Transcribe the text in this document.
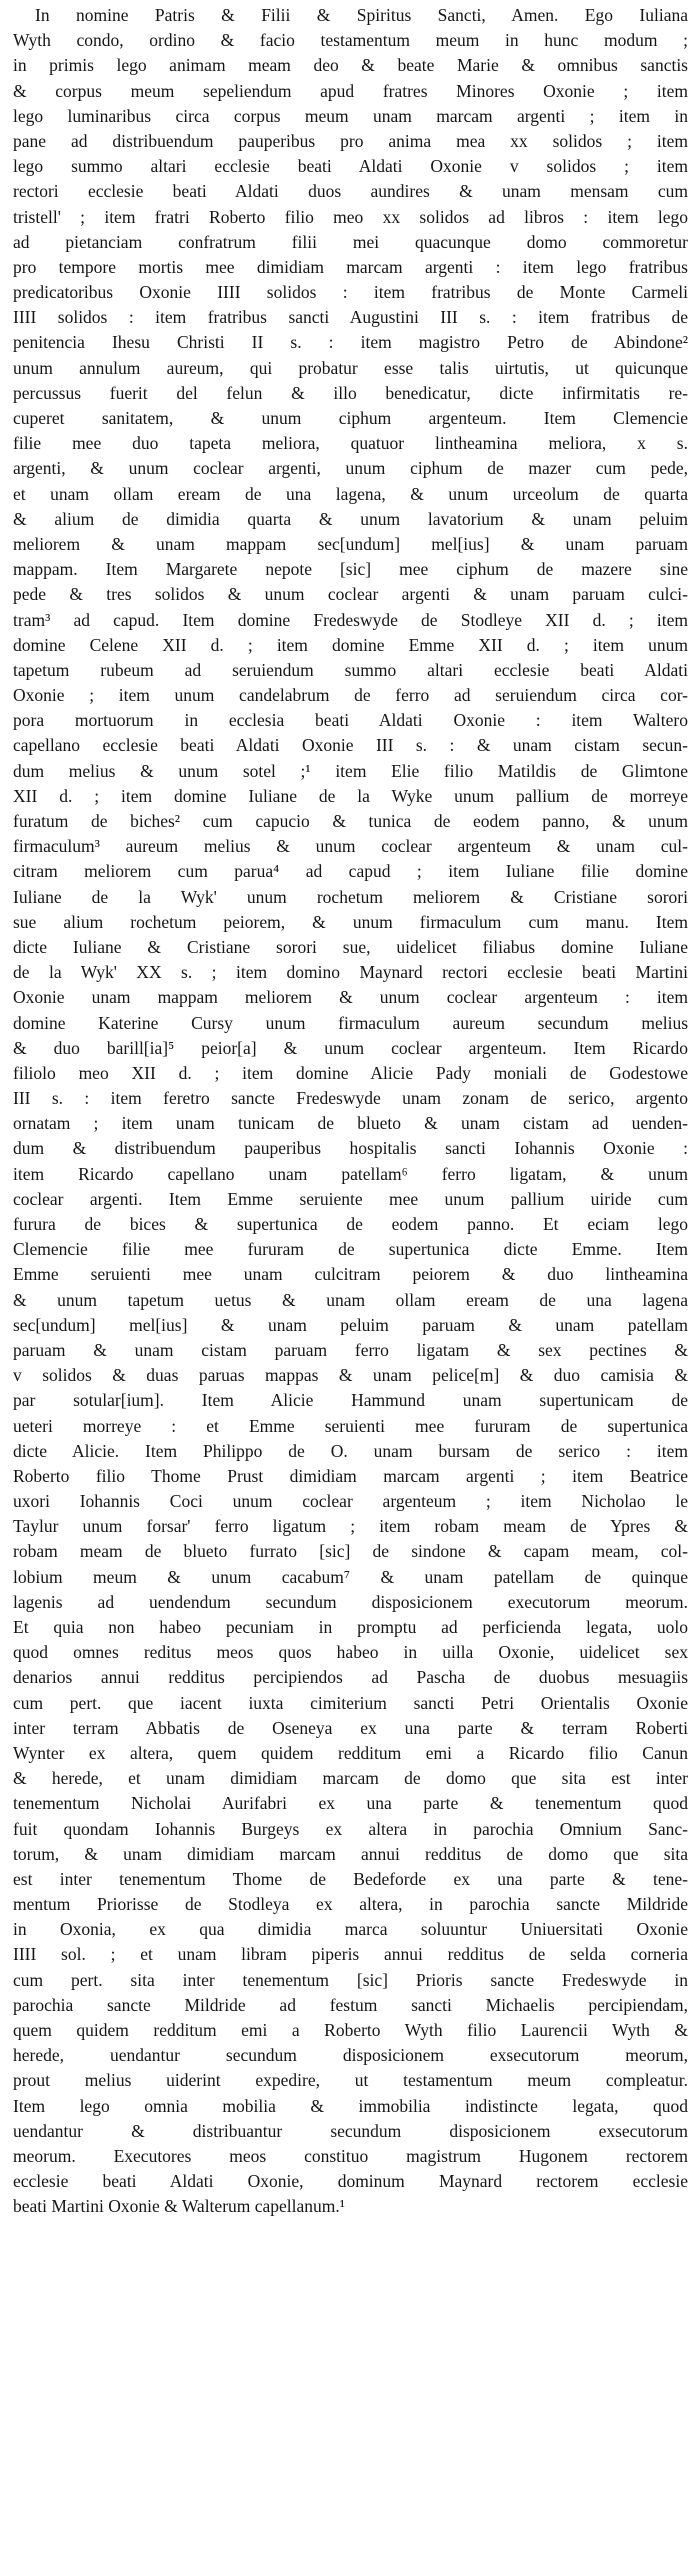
In nomine Patris & Filii & Spiritus Sancti, Amen. Ego Iuliana
Wyth condo, ordino & facio testamentum meum in hunc modum ;
in primis lego animam meam deo & beate Marie & omnibus sanctis
& corpus meum sepeliendum apud fratres Minores Oxonie ; item
lego luminaribus circa corpus meum unam marcam argenti ; item in
pane ad distribuendum pauperibus pro anima mea xx solidos ; item
lego summo altari ecclesie beati Aldati Oxonie v solidos ; item
rectori ecclesie beati Aldati duos aundires & unam mensam cum
tristell' ; item fratri Roberto filio meo xx solidos ad libros : item lego
ad pietanciam confratrum filii mei quacunque domo commoretur
pro tempore mortis mee dimidiam marcam argenti : item lego fratribus
predicatoribus Oxonie IIII solidos : item fratribus de Monte Carmeli
IIII solidos : item fratribus sancti Augustini III s. : item fratribus de
penitencia Ihesu Christi II s. : item magistro Petro de Abindone²
unum annulum aureum, qui probatur esse talis uirtutis, ut quicunque
percussus fuerit del felun & illo benedicatur, dicte infirmitatis re-
cuperet sanitatem, & unum ciphum argenteum. Item Clemencie
filie mee duo tapeta meliora, quatuor lintheamina meliora, x s.
argenti, & unum coclear argenti, unum ciphum de mazer cum pede,
et unam ollam eream de una lagena, & unum urceolum de quarta
& alium de dimidia quarta & unum lavatorium & unam peluim
meliorem & unam mappam sec[undum] mel[ius] & unam paruam
mappam. Item Margarete nepote [sic] mee ciphum de mazere sine
pede & tres solidos & unum coclear argenti & unam paruam culci-
tram³ ad capud. Item domine Fredeswyde de Stodleye XII d. ; item
domine Celene XII d. ; item domine Emme XII d. ; item unum
tapetum rubeum ad seruiendum summo altari ecclesie beati Aldati
Oxonie ; item unum candelabrum de ferro ad seruiendum circa cor-
pora mortuorum in ecclesia beati Aldati Oxonie : item Waltero
capellano ecclesie beati Aldati Oxonie III s. : & unam cistam secun-
dum melius & unum sotel ;¹ item Elie filio Matildis de Glimtone
XII d. ; item domine Iuliane de la Wyke unum pallium de morreye
furatum de biches² cum capucio & tunica de eodem panno, & unum
firmaculum³ aureum melius & unum coclear argenteum & unam cul-
citram meliorem cum parua⁴ ad capud ; item Iuliane filie domine
Iuliane de la Wyk' unum rochetum meliorem & Cristiane sorori
sue alium rochetum peiorem, & unum firmaculum cum manu. Item
dicte Iuliane & Cristiane sorori sue, uidelicet filiabus domine Iuliane
de la Wyk' XX s. ; item domino Maynard rectori ecclesie beati Martini
Oxonie unam mappam meliorem & unum coclear argenteum : item
domine Katerine Cursy unum firmaculum aureum secundum melius
& duo barill[ia]⁵ peior[a] & unum coclear argenteum. Item Ricardo
filiolo meo XII d. ; item domine Alicie Pady moniali de Godestowe
III s. : item feretro sancte Fredeswyde unam zonam de serico, argento
ornatam ; item unam tunicam de blueto & unam cistam ad uenden-
dum & distribuendum pauperibus hospitalis sancti Iohannis Oxonie :
item Ricardo capellano unam patellam⁶ ferro ligatam, & unum
coclear argenti. Item Emme seruiente mee unum pallium uiride cum
furura de bices & supertunica de eodem panno. Et eciam lego
Clemencie filie mee fururam de supertunica dicte Emme. Item
Emme seruienti mee unam culcitram peiorem & duo lintheamina
& unum tapetum uetus & unam ollam eream de una lagena
sec[undum] mel[ius] & unam peluim paruam & unam patellam
paruam & unam cistam paruam ferro ligatam & sex pectines &
v solidos & duas paruas mappas & unam pelice[m] & duo camisia &
par sotular[ium]. Item Alicie Hammund unam supertunicam de
ueteri morreye : et Emme seruienti mee fururam de supertunica
dicte Alicie. Item Philippo de O. unam bursam de serico : item
Roberto filio Thome Prust dimidiam marcam argenti ; item Beatrice
uxori Iohannis Coci unum coclear argenteum ; item Nicholao le
Taylur unum forsar' ferro ligatum ; item robam meam de Ypres &
robam meam de blueto furrato [sic] de sindone & capam meam, col-
lobium meum & unum cacabum⁷ & unam patellam de quinque
lagenis ad uendendum secundum disposicionem executorum meorum.
Et quia non habeo pecuniam in promptu ad perficienda legata, uolo
quod omnes reditus meos quos habeo in uilla Oxonie, uidelicet sex
denarios annui redditus percipiendos ad Pascha de duobus mesuagiis
cum pert. que iacent iuxta cimiterium sancti Petri Orientalis Oxonie
inter terram Abbatis de Oseneya ex una parte & terram Roberti
Wynter ex altera, quem quidem redditum emi a Ricardo filio Canun
& herede, et unam dimidiam marcam de domo que sita est inter
tenementum Nicholai Aurifabri ex una parte & tenementum quod
fuit quondam Iohannis Burgeys ex altera in parochia Omnium Sanc-
torum, & unam dimidiam marcam annui redditus de domo que sita
est inter tenementum Thome de Bedeforde ex una parte & tene-
mentum Priorisse de Stodleya ex altera, in parochia sancte Mildride
in Oxonia, ex qua dimidia marca soluuntur Uniuersitati Oxonie
IIII sol. ; et unam libram piperis annui redditus de selda corneria
cum pert. sita inter tenementum [sic] Prioris sancte Fredeswyde in
parochia sancte Mildride ad festum sancti Michaelis percipiendam,
quem quidem redditum emi a Roberto Wyth filio Laurencii Wyth &
herede, uendantur secundum disposicionem exsecutorum meorum,
prout melius uiderint expedire, ut testamentum meum compleatur.
Item lego omnia mobilia & immobilia indistincte legata, quod
uendantur & distribuantur secundum disposicionem exsecutorum
meorum. Executores meos constituo magistrum Hugonem rectorem
ecclesie beati Aldati Oxonie, dominum Maynard rectorem ecclesie
beati Martini Oxonie & Walterum capellanum.¹
